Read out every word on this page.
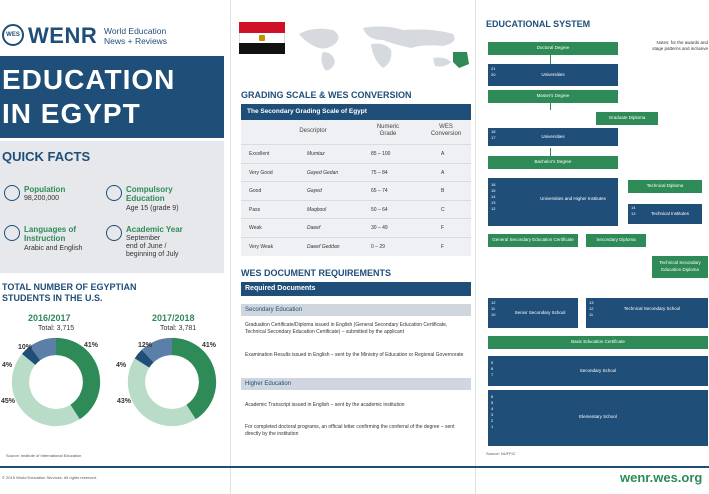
WES WENR World Education
News + Reviews
EDUCATION
IN EGYPT
QUICK FACTS
Population
98,200,000
Compulsory
Education
Age 15 (grade 9)
Languages of
Instruction
Arabic and English
Academic Year
September
end of June /
beginning of July
TOTAL NUMBER OF EGYPTIAN
STUDENTS IN THE U.S.
2016/2017
Total: 3,715
2017/2018
Total: 3,781
41%
45%
4%
10%	41%
43%
4%
12%
Source: Institute of International Education
© 2019 World Education Services. All rights reserved.
GRADING SCALE & WES CONVERSION
The Secondary Grading Scale of Egypt
Descriptor
Numeric
Grade
WES
Conversion
Excellent	Mumtaz	85 – 100	A
Very Good	Gayed Gedan	75 – 84	A
Good	Gayed	65 – 74	B
Pass	Maqbool	50 – 64	C
Weak	Daeef	30 – 49	F
Very Weak	Daeef Geddan	0 – 29	F
WES DOCUMENT REQUIREMENTS
Required Documents
Secondary Education
Graduation Certificate/Diploma issued in English (General Secondary Education Certificate, Technical Secondary Education Certificate) – submitted by the applicant
Examination Results issued in English – sent by the Ministry of Education or Regional Governorate
Higher Education
Academic Transcript issued in English – sent by the academic institution
For completed doctoral programs, an official letter confirming the conferral of the degree – sent directly by the institution
EDUCATIONAL SYSTEM
Notes: for the awards and stage patterns and inclusive
Doctoral Degree
Universities
21
20
Master's Degree
Graduate Diploma
Universities
18
17
Bachelor's Degree
Technical Diploma
Universities and Higher Institutes
16
15
14
13
12
Technical Institutes
14
13
General Secondary Education Certificate	Secondary Diploma
Technical Secondary Education Diploma
Senior Secondary School
12
11
10
Technical Secondary School
13
12
11
Basic Education Certificate
Secondary School
9
8
7
Elementary School
6
5
4
3
2
1
Source: NUFFIC
wenr.wes.org
